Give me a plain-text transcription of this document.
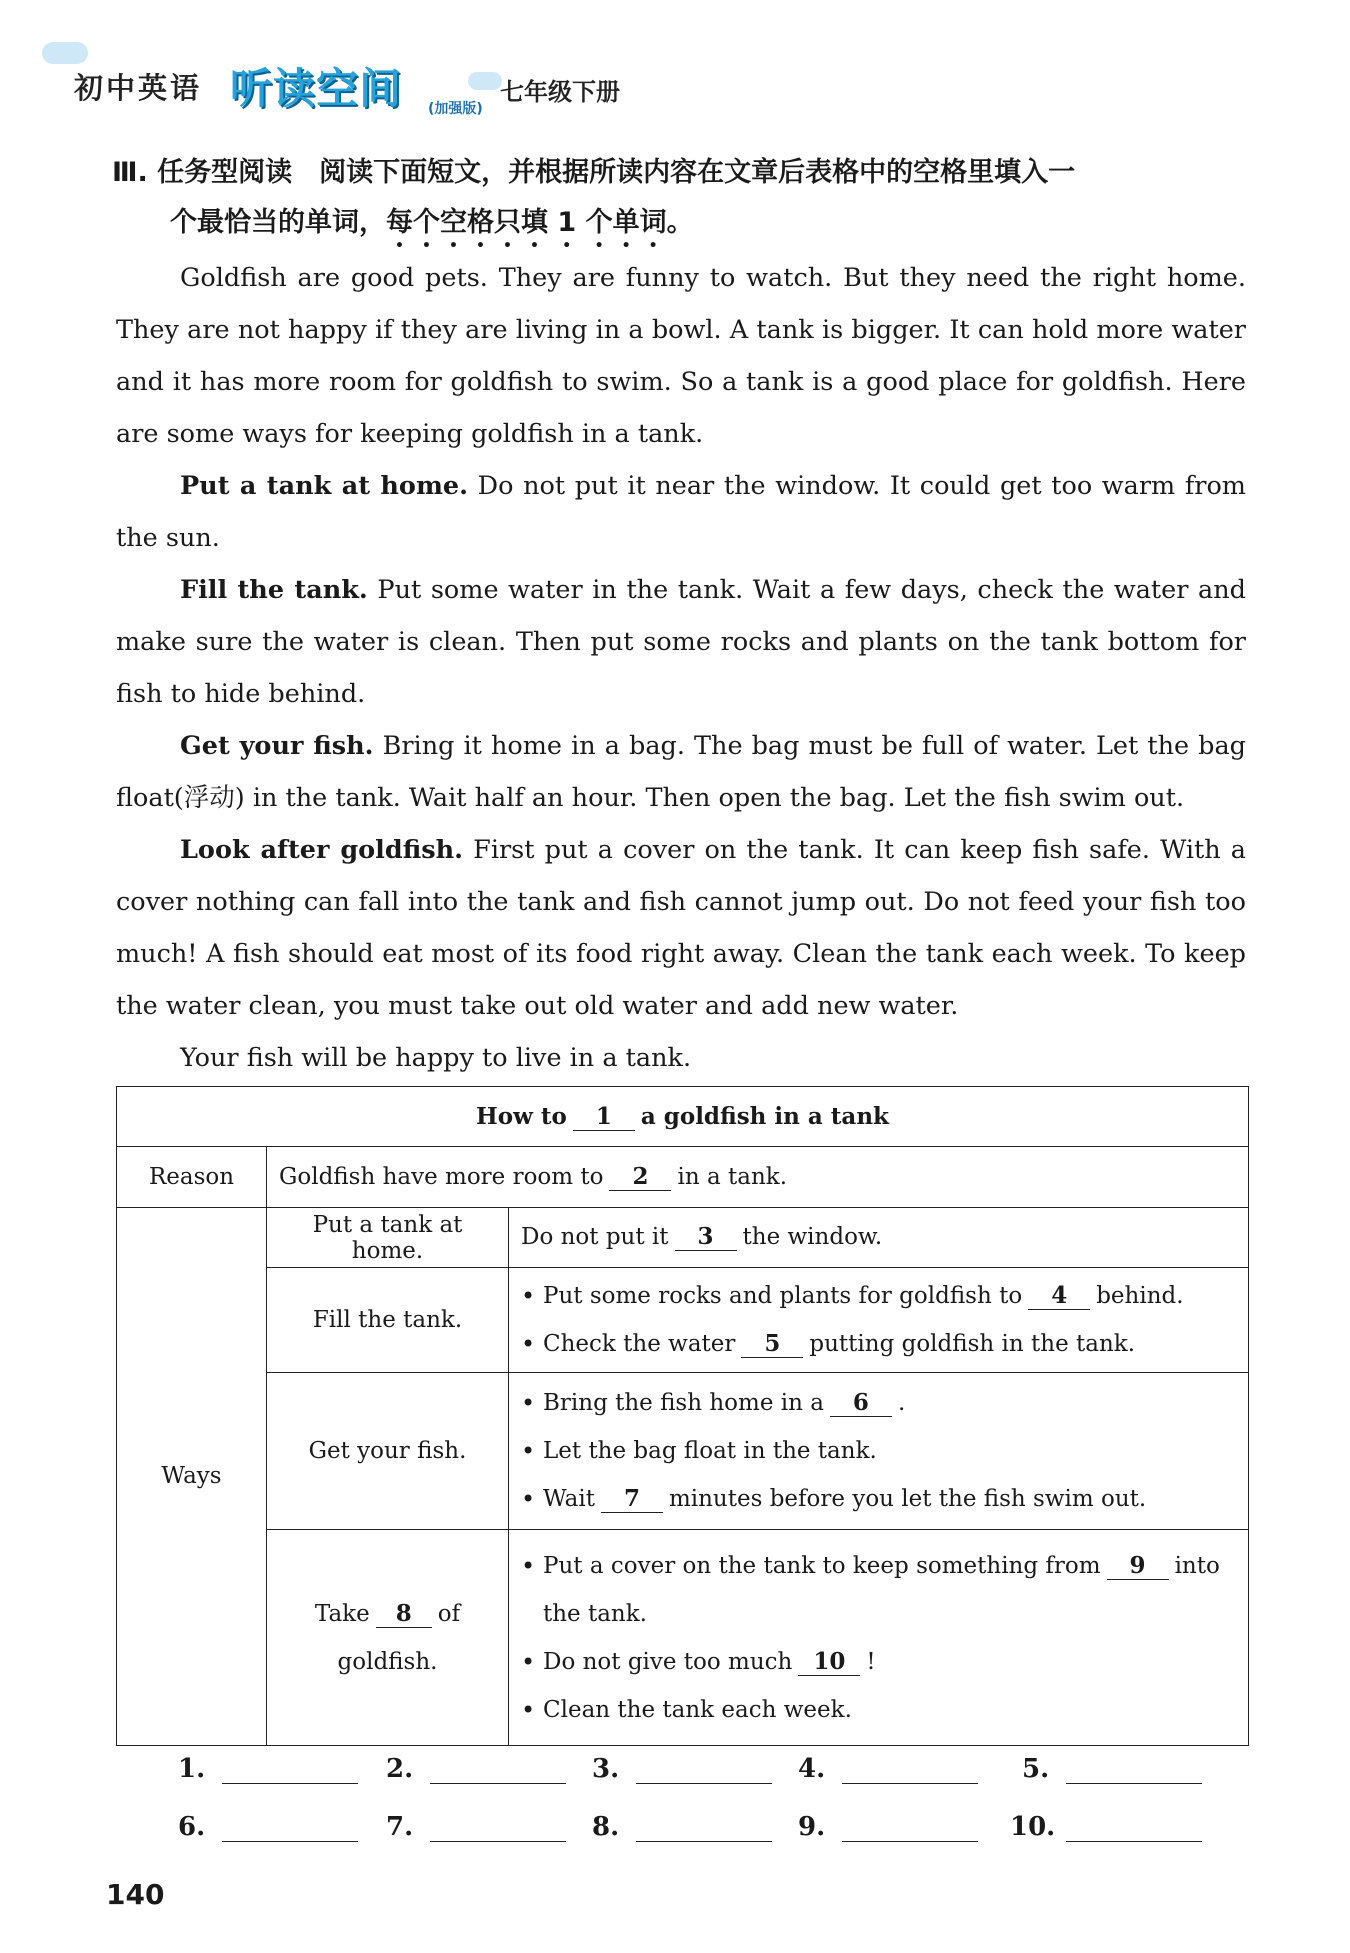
初中英语 听读空间 (加强版)
七年级下册
Ⅲ. 任务型阅读　阅读下面短文，并根据所读内容在文章后表格中的空格里填入一
个最恰当的单词，每个空格只填 1 个单词。

Goldfish are good pets. They are funny to watch. But they need the right home. They are not happy if they are living in a bowl. A tank is bigger. It can hold more water and it has more room for goldfish to swim. So a tank is a good place for goldfish. Here are some ways for keeping goldfish in a tank.

Put a tank at home. Do not put it near the window. It could get too warm from the sun.

Fill the tank. Put some water in the tank. Wait a few days, check the water and make sure the water is clean. Then put some rocks and plants on the tank bottom for fish to hide behind.

Get your fish. Bring it home in a bag. The bag must be full of water. Let the bag float(浮动) in the tank. Wait half an hour. Then open the bag. Let the fish swim out.

Look after goldfish. First put a cover on the tank. It can keep fish safe. With a cover nothing can fall into the tank and fish cannot jump out. Do not feed your fish too much! A fish should eat most of its food right away. Clean the tank each week. To keep the water clean, you must take out old water and add new water.

Your fish will be happy to live in a tank.

How to 1 a goldfish in a tank		
Reason	Goldfish have more room to 2 in a tank.	
Ways	Put a tank at home.	Do not put it 3 the window.
	Fill the tank.	• Put some rocks and plants for goldfish to 4 behind.
• Check the water 5 putting goldfish in the tank.

	Get your fish.	• Bring the fish home in a 6 .
• Let the bag float in the tank.
• Wait 7 minutes before you let the fish swim out.

	Take 8 of
goldfish.	• Put a cover on the tank to keep something from 9 into the tank.
• Do not give too much 10 !
• Clean the tank each week.
1.	2.	3.	4.	5.
6.	7.	8.	9.	10.
140
